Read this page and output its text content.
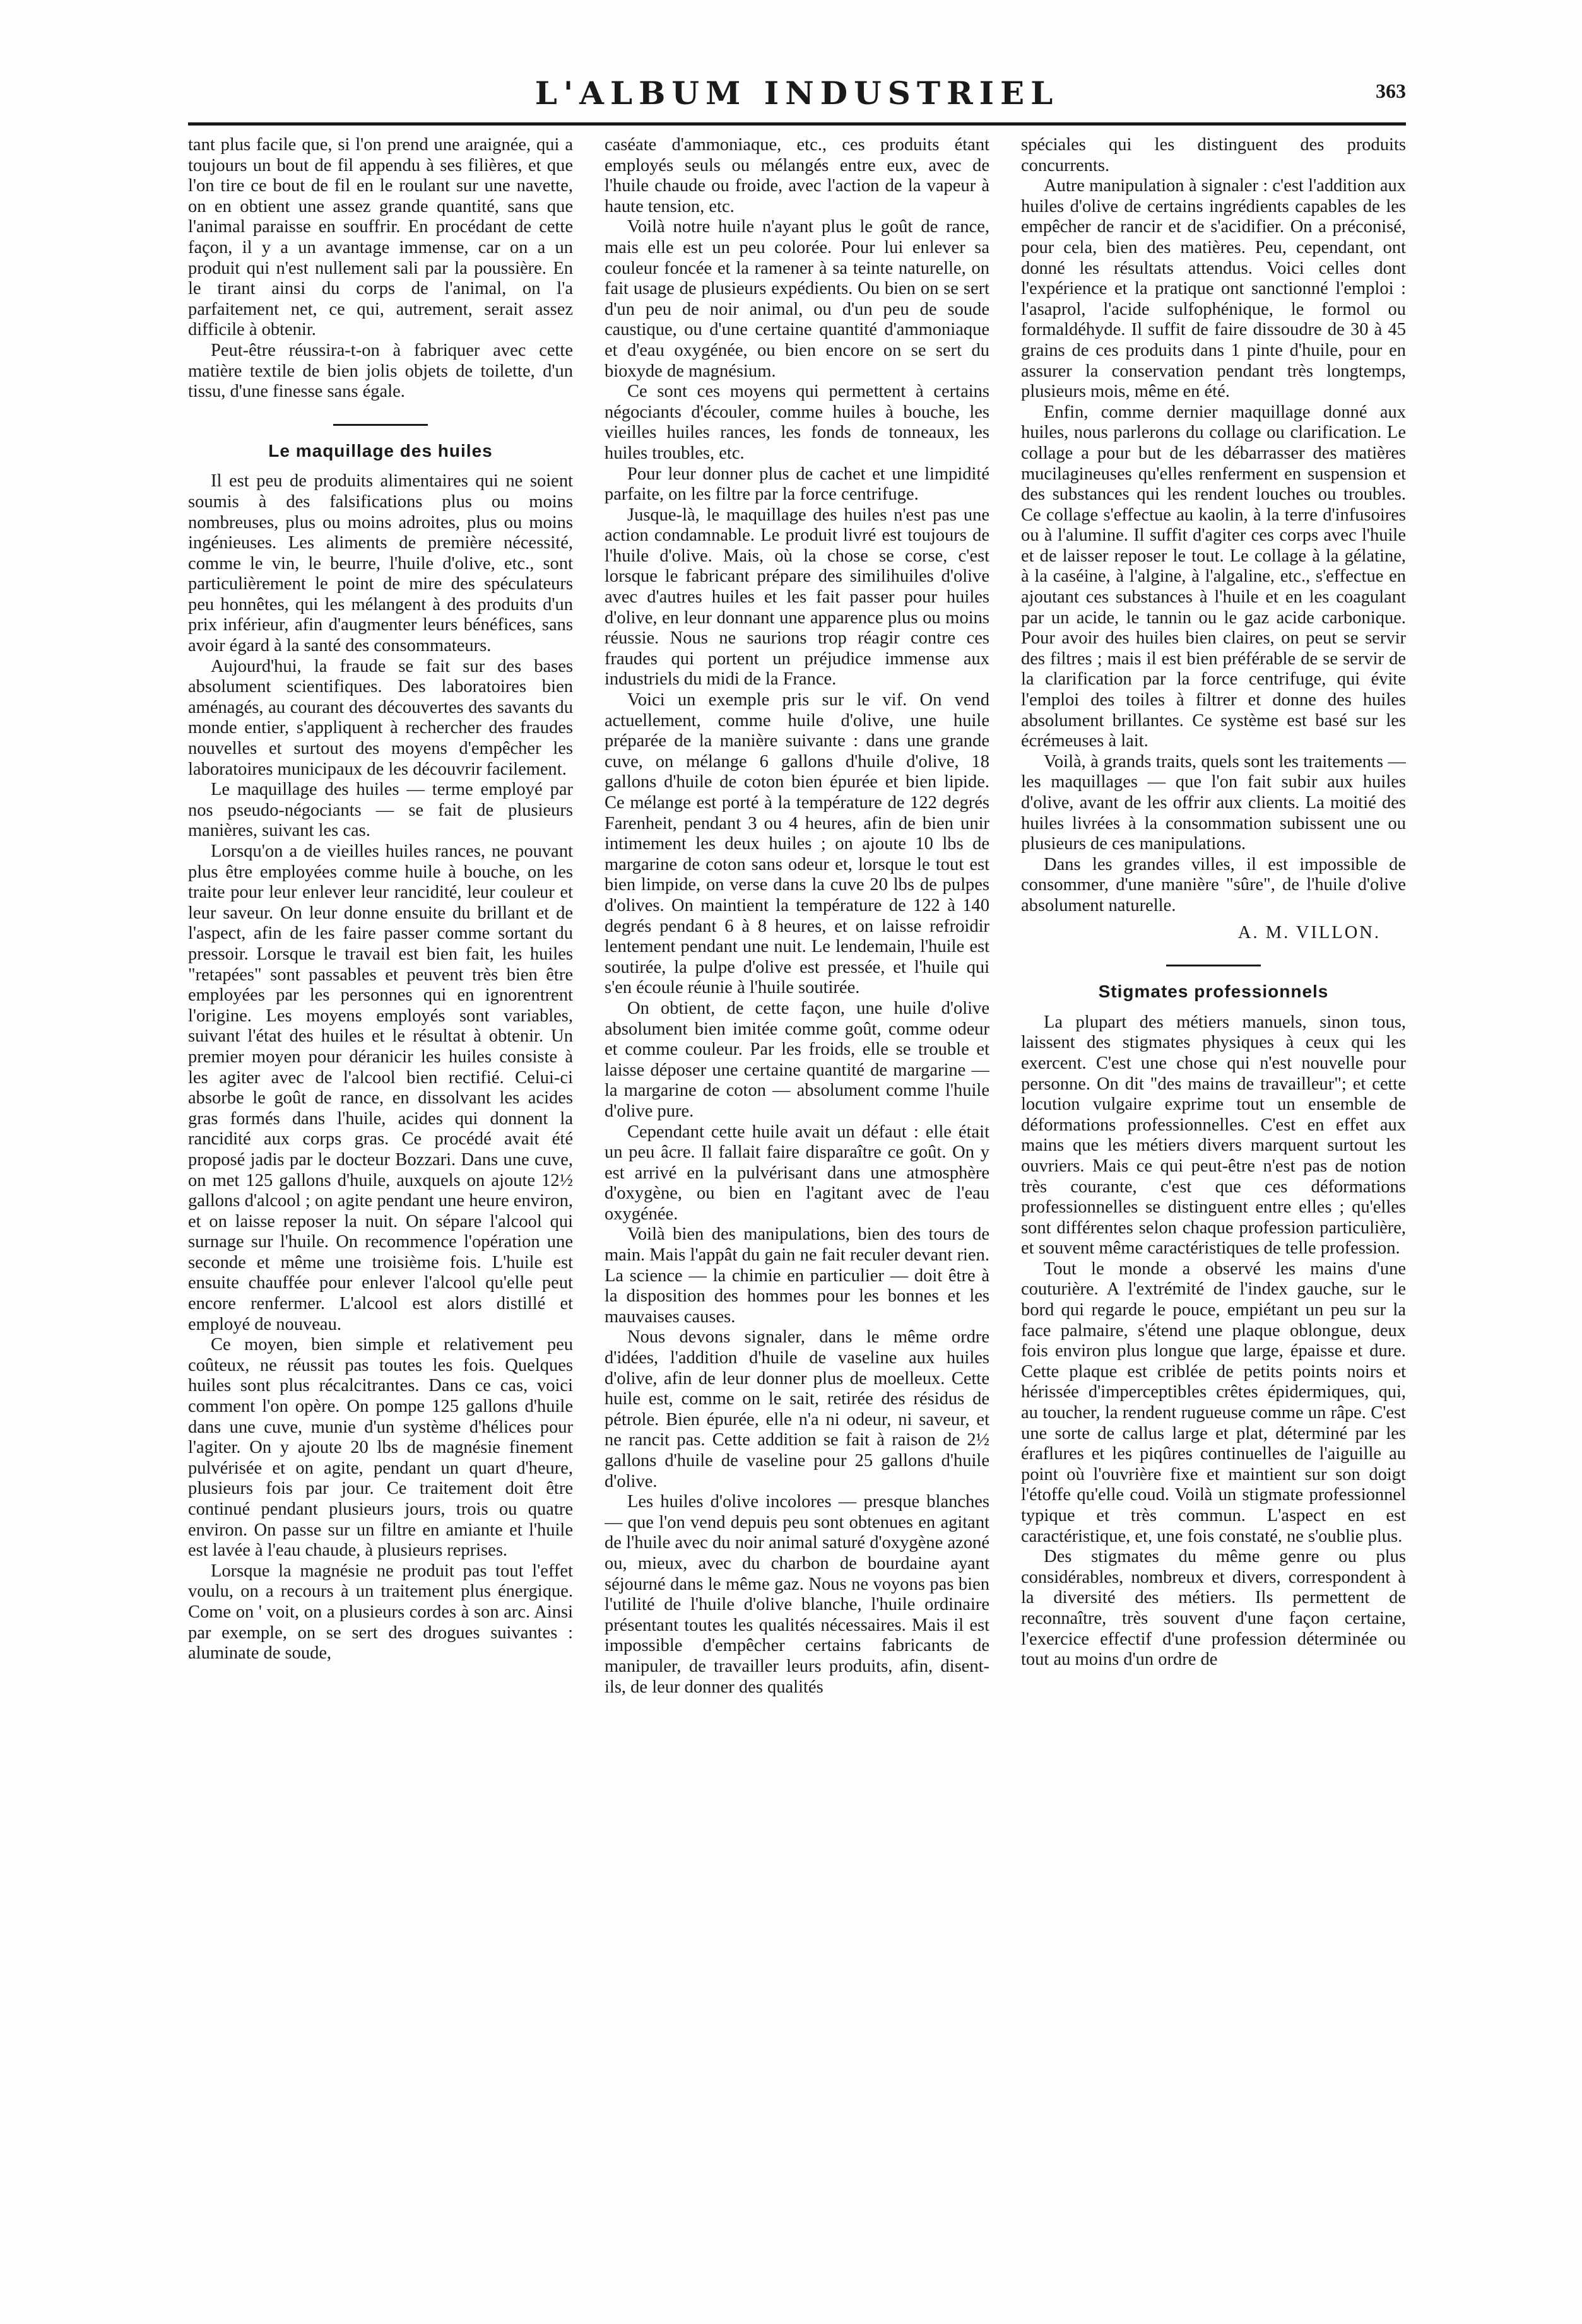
L'ALBUM INDUSTRIEL	363

tant plus facile que, si l'on prend une araignée, qui a toujours un bout de fil appendu à ses filières, et que l'on tire ce bout de fil en le roulant sur une navette, on en obtient une assez grande quantité, sans que l'animal paraisse en souffrir. En procédant de cette façon, il y a un avantage immense, car on a un produit qui n'est nullement sali par la poussière. En le tirant ainsi du corps de l'animal, on l'a parfaitement net, ce qui, autrement, serait assez difficile à obtenir.

Peut-être réussira-t-on à fabriquer avec cette matière textile de bien jolis objets de toilette, d'un tissu, d'une finesse sans égale.

Le maquillage des huiles

Il est peu de produits alimentaires qui ne soient soumis à des falsifications plus ou moins nombreuses, plus ou moins adroites, plus ou moins ingénieuses. Les aliments de première nécessité, comme le vin, le beurre, l'huile d'olive, etc., sont particulièrement le point de mire des spéculateurs peu honnêtes, qui les mélangent à des produits d'un prix inférieur, afin d'augmenter leurs bénéfices, sans avoir égard à la santé des consommateurs.

Aujourd'hui, la fraude se fait sur des bases absolument scientifiques. Des laboratoires bien aménagés, au courant des découvertes des savants du monde entier, s'appliquent à rechercher des fraudes nouvelles et surtout des moyens d'empêcher les laboratoires municipaux de les découvrir facilement.

Le maquillage des huiles — terme employé par nos pseudo-négociants — se fait de plusieurs manières, suivant les cas.

Lorsqu'on a de vieilles huiles rances, ne pouvant plus être employées comme huile à bouche, on les traite pour leur enlever leur rancidité, leur couleur et leur saveur. On leur donne ensuite du brillant et de l'aspect, afin de les faire passer comme sortant du pressoir. Lorsque le travail est bien fait, les huiles "retapées" sont passables et peuvent très bien être employées par les personnes qui en ignorentrent l'origine. Les moyens employés sont variables, suivant l'état des huiles et le résultat à obtenir. Un premier moyen pour déranicir les huiles consiste à les agiter avec de l'alcool bien rectifié. Celui-ci absorbe le goût de rance, en dissolvant les acides gras formés dans l'huile, acides qui donnent la rancidité aux corps gras. Ce procédé avait été proposé jadis par le docteur Bozzari. Dans une cuve, on met 125 gallons d'huile, auxquels on ajoute 12½ gallons d'alcool ; on agite pendant une heure environ, et on laisse reposer la nuit. On sépare l'alcool qui surnage sur l'huile. On recommence l'opération une seconde et même une troisième fois. L'huile est ensuite chauffée pour enlever l'alcool qu'elle peut encore renfermer. L'alcool est alors distillé et employé de nouveau.

Ce moyen, bien simple et relativement peu coûteux, ne réussit pas toutes les fois. Quelques huiles sont plus récalcitrantes. Dans ce cas, voici comment l'on opère. On pompe 125 gallons d'huile dans une cuve, munie d'un système d'hélices pour l'agiter. On y ajoute 20 lbs de magnésie finement pulvérisée et on agite, pendant un quart d'heure, plusieurs fois par jour. Ce traitement doit être continué pendant plusieurs jours, trois ou quatre environ. On passe sur un filtre en amiante et l'huile est lavée à l'eau chaude, à plusieurs reprises.

Lorsque la magnésie ne produit pas tout l'effet voulu, on a recours à un traitement plus énergique. Come on ' voit, on a plusieurs cordes à son arc. Ainsi par exemple, on se sert des drogues suivantes : aluminate de soude,

caséate d'ammoniaque, etc., ces produits étant employés seuls ou mélangés entre eux, avec de l'huile chaude ou froide, avec l'action de la vapeur à haute tension, etc.

Voilà notre huile n'ayant plus le goût de rance, mais elle est un peu colorée. Pour lui enlever sa couleur foncée et la ramener à sa teinte naturelle, on fait usage de plusieurs expédients. Ou bien on se sert d'un peu de noir animal, ou d'un peu de soude caustique, ou d'une certaine quantité d'ammoniaque et d'eau oxygénée, ou bien encore on se sert du bioxyde de magnésium.

Ce sont ces moyens qui permettent à certains négociants d'écouler, comme huiles à bouche, les vieilles huiles rances, les fonds de tonneaux, les huiles troubles, etc.

Pour leur donner plus de cachet et une limpidité parfaite, on les filtre par la force centrifuge.

Jusque-là, le maquillage des huiles n'est pas une action condamnable. Le produit livré est toujours de l'huile d'olive. Mais, où la chose se corse, c'est lorsque le fabricant prépare des similihuiles d'olive avec d'autres huiles et les fait passer pour huiles d'olive, en leur donnant une apparence plus ou moins réussie. Nous ne saurions trop réagir contre ces fraudes qui portent un préjudice immense aux industriels du midi de la France.

Voici un exemple pris sur le vif. On vend actuellement, comme huile d'olive, une huile préparée de la manière suivante : dans une grande cuve, on mélange 6 gallons d'huile d'olive, 18 gallons d'huile de coton bien épurée et bien lipide. Ce mélange est porté à la température de 122 degrés Farenheit, pendant 3 ou 4 heures, afin de bien unir intimement les deux huiles ; on ajoute 10 lbs de margarine de coton sans odeur et, lorsque le tout est bien limpide, on verse dans la cuve 20 lbs de pulpes d'olives. On maintient la température de 122 à 140 degrés pendant 6 à 8 heures, et on laisse refroidir lentement pendant une nuit. Le lendemain, l'huile est soutirée, la pulpe d'olive est pressée, et l'huile qui s'en écoule réunie à l'huile soutirée.

On obtient, de cette façon, une huile d'olive absolument bien imitée comme goût, comme odeur et comme couleur. Par les froids, elle se trouble et laisse déposer une certaine quantité de margarine — la margarine de coton — absolument comme l'huile d'olive pure.

Cependant cette huile avait un défaut : elle était un peu âcre. Il fallait faire disparaître ce goût. On y est arrivé en la pulvérisant dans une atmosphère d'oxygène, ou bien en l'agitant avec de l'eau oxygénée.

Voilà bien des manipulations, bien des tours de main. Mais l'appât du gain ne fait reculer devant rien. La science — la chimie en particulier — doit être à la disposition des hommes pour les bonnes et les mauvaises causes.

Nous devons signaler, dans le même ordre d'idées, l'addition d'huile de vaseline aux huiles d'olive, afin de leur donner plus de moelleux. Cette huile est, comme on le sait, retirée des résidus de pétrole. Bien épurée, elle n'a ni odeur, ni saveur, et ne rancit pas. Cette addition se fait à raison de 2½ gallons d'huile de vaseline pour 25 gallons d'huile d'olive.

Les huiles d'olive incolores — presque blanches — que l'on vend depuis peu sont obtenues en agitant de l'huile avec du noir animal saturé d'oxygène azoné ou, mieux, avec du charbon de bourdaine ayant séjourné dans le même gaz. Nous ne voyons pas bien l'utilité de l'huile d'olive blanche, l'huile ordinaire présentant toutes les qualités nécessaires. Mais il est impossible d'empêcher certains fabricants de manipuler, de travailler leurs produits, afin, disent-ils, de leur donner des qualités

spéciales qui les distinguent des produits concurrents.

Autre manipulation à signaler : c'est l'addition aux huiles d'olive de certains ingrédients capables de les empêcher de rancir et de s'acidifier. On a préconisé, pour cela, bien des matières. Peu, cependant, ont donné les résultats attendus. Voici celles dont l'expérience et la pratique ont sanctionné l'emploi : l'asaprol, l'acide sulfophénique, le formol ou formaldéhyde. Il suffit de faire dissoudre de 30 à 45 grains de ces produits dans 1 pinte d'huile, pour en assurer la conservation pendant très longtemps, plusieurs mois, même en été.

Enfin, comme dernier maquillage donné aux huiles, nous parlerons du collage ou clarification. Le collage a pour but de les débarrasser des matières mucilagineuses qu'elles renferment en suspension et des substances qui les rendent louches ou troubles. Ce collage s'effectue au kaolin, à la terre d'infusoires ou à l'alumine. Il suffit d'agiter ces corps avec l'huile et de laisser reposer le tout. Le collage à la gélatine, à la caséine, à l'algine, à l'algaline, etc., s'effectue en ajoutant ces substances à l'huile et en les coagulant par un acide, le tannin ou le gaz acide carbonique. Pour avoir des huiles bien claires, on peut se servir des filtres ; mais il est bien préférable de se servir de la clarification par la force centrifuge, qui évite l'emploi des toiles à filtrer et donne des huiles absolument brillantes. Ce système est basé sur les écrémeuses à lait.

Voilà, à grands traits, quels sont les traitements — les maquillages — que l'on fait subir aux huiles d'olive, avant de les offrir aux clients. La moitié des huiles livrées à la consommation subissent une ou plusieurs de ces manipulations.

Dans les grandes villes, il est impossible de consommer, d'une manière "sûre", de l'huile d'olive absolument naturelle.

A. M. VILLON.

Stigmates professionnels

La plupart des métiers manuels, sinon tous, laissent des stigmates physiques à ceux qui les exercent. C'est une chose qui n'est nouvelle pour personne. On dit "des mains de travailleur"; et cette locution vulgaire exprime tout un ensemble de déformations professionnelles. C'est en effet aux mains que les métiers divers marquent surtout les ouvriers. Mais ce qui peut-être n'est pas de notion très courante, c'est que ces déformations professionnelles se distinguent entre elles ; qu'elles sont différentes selon chaque profession particulière, et souvent même caractéristiques de telle profession.

Tout le monde a observé les mains d'une couturière. A l'extrémité de l'index gauche, sur le bord qui regarde le pouce, empiétant un peu sur la face palmaire, s'étend une plaque oblongue, deux fois environ plus longue que large, épaisse et dure. Cette plaque est criblée de petits points noirs et hérissée d'imperceptibles crêtes épidermiques, qui, au toucher, la rendent rugueuse comme un râpe. C'est une sorte de callus large et plat, déterminé par les éraflures et les piqûres continuelles de l'aiguille au point où l'ouvrière fixe et maintient sur son doigt l'étoffe qu'elle coud. Voilà un stigmate professionnel typique et très commun. L'aspect en est caractéristique, et, une fois constaté, ne s'oublie plus.

Des stigmates du même genre ou plus considérables, nombreux et divers, correspondent à la diversité des métiers. Ils permettent de reconnaître, très souvent d'une façon certaine, l'exercice effectif d'une profession déterminée ou tout au moins d'un ordre de
